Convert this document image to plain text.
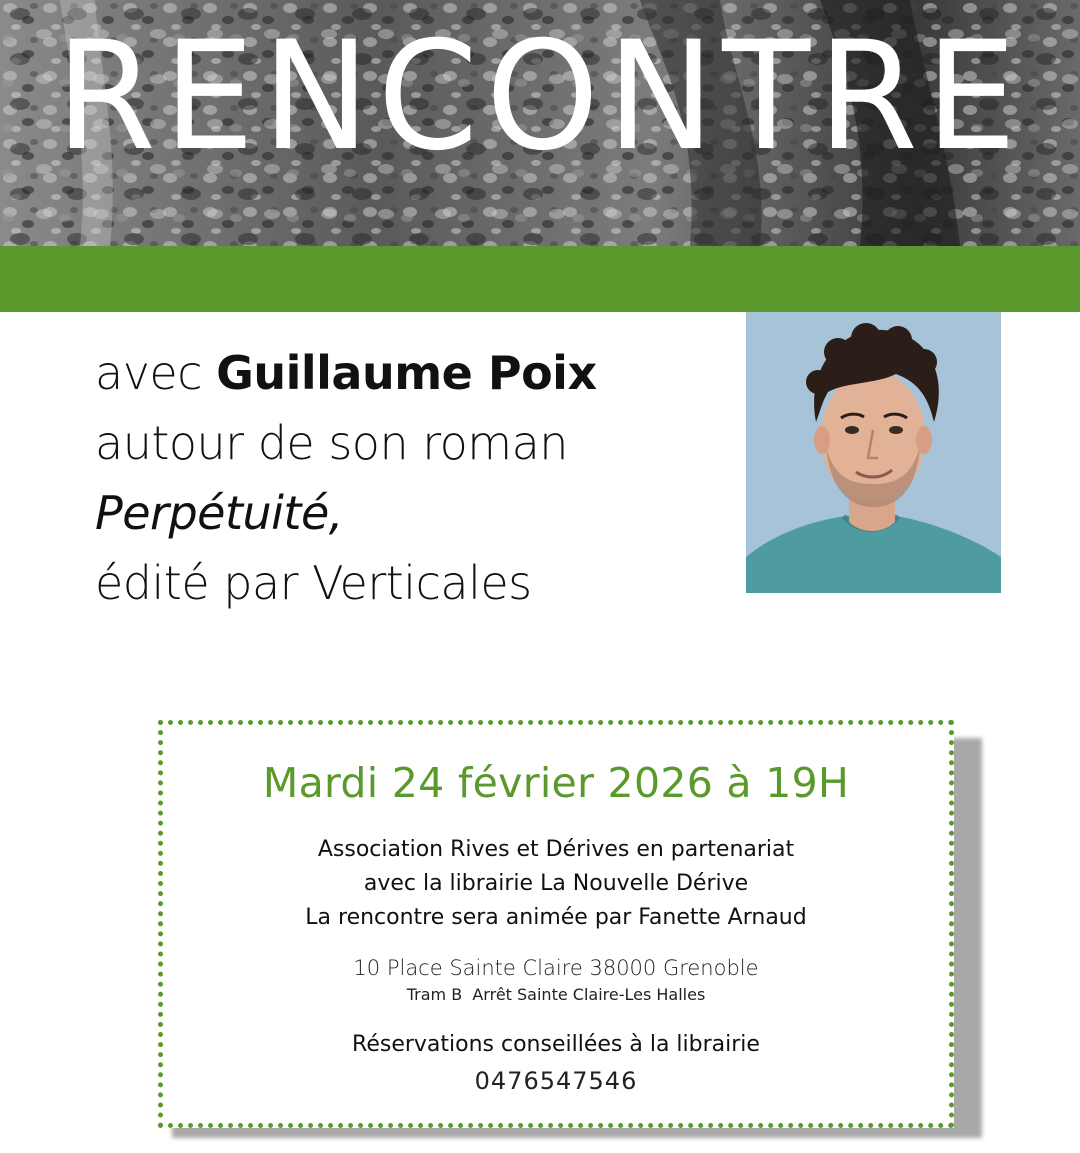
RENCONTRE
avec Guillaume Poix
autour de son roman
Perpétuité,
édité par Verticales
Mardi 24 février 2026 à 19H
Association Rives et Dérives en partenariat
avec la librairie La Nouvelle Dérive
La rencontre sera animée par Fanette Arnaud
10 Place Sainte Claire 38000 Grenoble
Tram B  Arrêt Sainte Claire-Les Halles
Réservations conseillées à la librairie
0476547546
